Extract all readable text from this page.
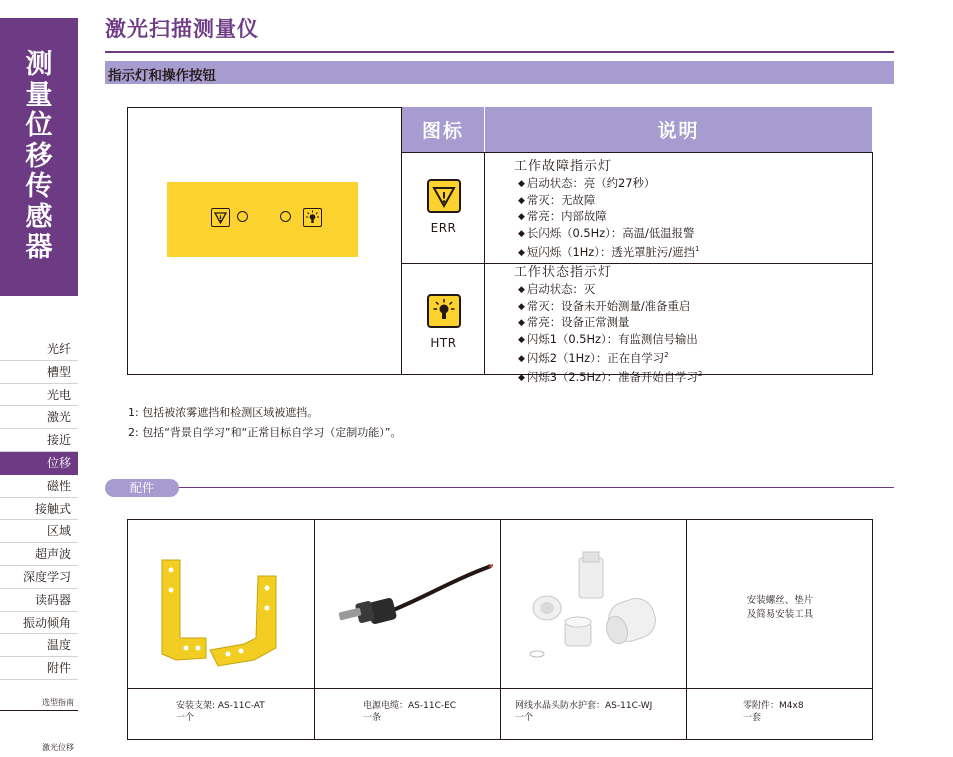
测
量
位
移
传
感
器
光纤
槽型
光电
激光
接近
位移
磁性
接触式
区域
超声波
深度学习
读码器
振动倾角
温度
附件
选型指南
激光位移
激光扫描测量仪
指示灯和操作按钮
图标	说明
ERR
工作故障指示灯
◆ 启动状态：亮（约27秒）
◆ 常灭：无故障
◆ 常亮：内部故障
◆ 长闪烁（0.5Hz）：高温/低温报警
◆ 短闪烁（1Hz）：透光罩脏污/遮挡$^1$
HTR
工作状态指示灯
◆ 启动状态：灭
◆ 常灭：设备未开始测量/准备重启
◆ 常亮：设备正常测量
◆ 闪烁1（0.5Hz）：有监测信号输出
◆ 闪烁2（1Hz）：正在自学习$^2$
◆ 闪烁3（2.5Hz）：准备开始自学习$^2$
1: 包括被浓雾遮挡和检测区域被遮挡。
2: 包括“背景自学习”和“正常目标自学习（定制功能）”。
配件
安装支架: AS-11C-AT
一个
电源电缆：AS-11C-EC
一条
网线水晶头防水护套：AS-11C-WJ
一个
安装螺丝、垫片
及简易安装工具
零附件：M4x8
一套
